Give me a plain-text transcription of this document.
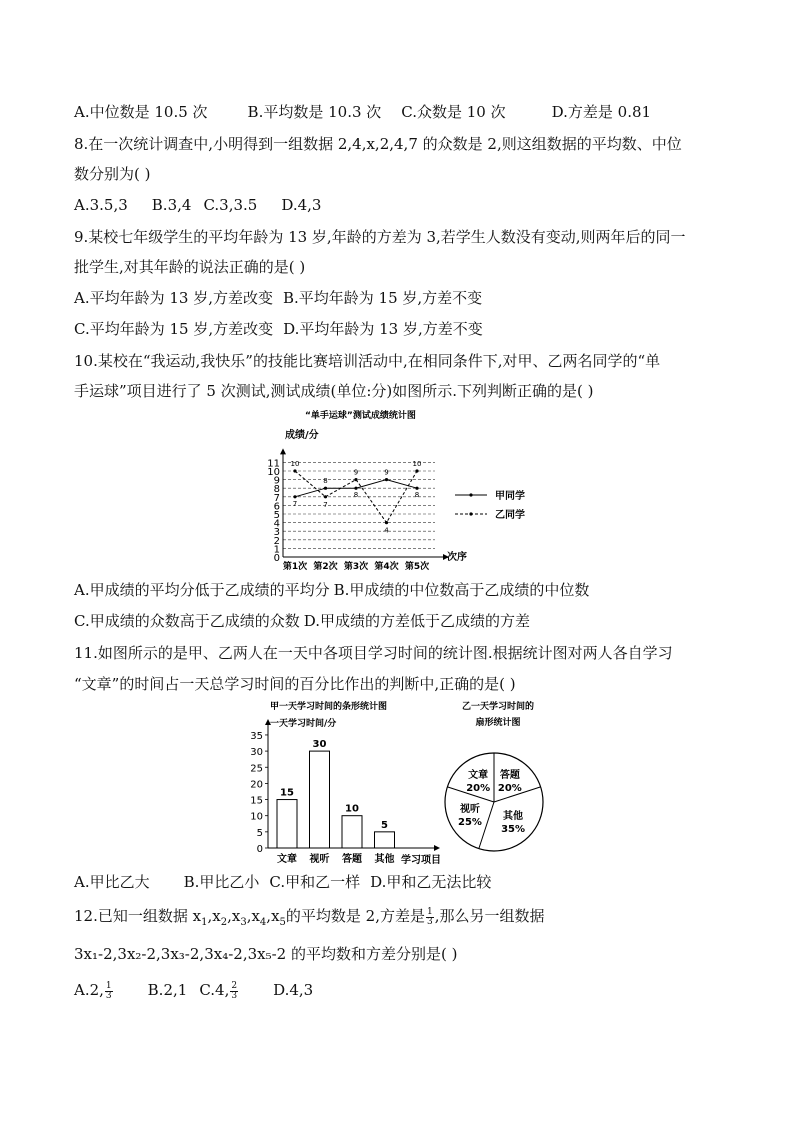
A.中位数是 10.5 次	B.平均数是 10.3 次 C.众数是 10 次	D.方差是 0.81
8.在一次统计调查中,小明得到一组数据 2,4,x,2,4,7 的众数是 2,则这组数据的平均数、中位
数分别为( )
A.3.5,3 B.3,4 C.3,3.5 D.4,3
9.某校七年级学生的平均年龄为 13 岁,年龄的方差为 3,若学生人数没有变动,则两年后的同一
批学生,对其年龄的说法正确的是( )
A.平均年龄为 13 岁,方差改变 B.平均年龄为 15 岁,方差不变
C.平均年龄为 15 岁,方差改变 D.平均年龄为 13 岁,方差不变
10.某校在“我运动,我快乐”的技能比赛培训活动中,在相同条件下,对甲、乙两名同学的“单
手运球”项目进行了 5 次测试,测试成绩(单位:分)如图所示.下列判断正确的是( )
“单手运球”测试成绩统计图
成绩/分
0
1
2
3
4
5
6
7
8
9
10
11
次序
第1次 第2次 第3次 第4次 第5次
7
8
8
9
8
10
7
9
4
10
甲同学
乙同学
A.甲成绩的平均分低于乙成绩的平均分 B.甲成绩的中位数高于乙成绩的中位数
C.甲成绩的众数高于乙成绩的众数 D.甲成绩的方差低于乙成绩的方差
11.如图所示的是甲、乙两人在一天中各项目学习时间的统计图.根据统计图对两人各自学习
“文章”的时间占一天总学习时间的百分比作出的判断中,正确的是( )
甲一天学习时间的条形统计图
一天学习时间/分
0
5
10
15
20
25
30
35
15
文章
30
视听
10
答题
5
其他 学习项目
乙一天学习时间的
扇形统计图
文章
20%
答题
20%
其他
35%
视听
25%
A.甲比乙大 B.甲比乙小 C.甲和乙一样 D.甲和乙无法比较
12.已知一组数据 $x_1,x_2,x_3,x_4,x_5$的平均数是 2,方差是 $\frac{1}{3}$ ,那么另一组数据
3x₁-2,3x₂-2,3x₃-2,3x₄-2,3x₅-2 的平均数和方差分别是( )
A.2, $\frac{1}{3} B.2,1$ C.4, $\frac{2}{3} D.4,3$
